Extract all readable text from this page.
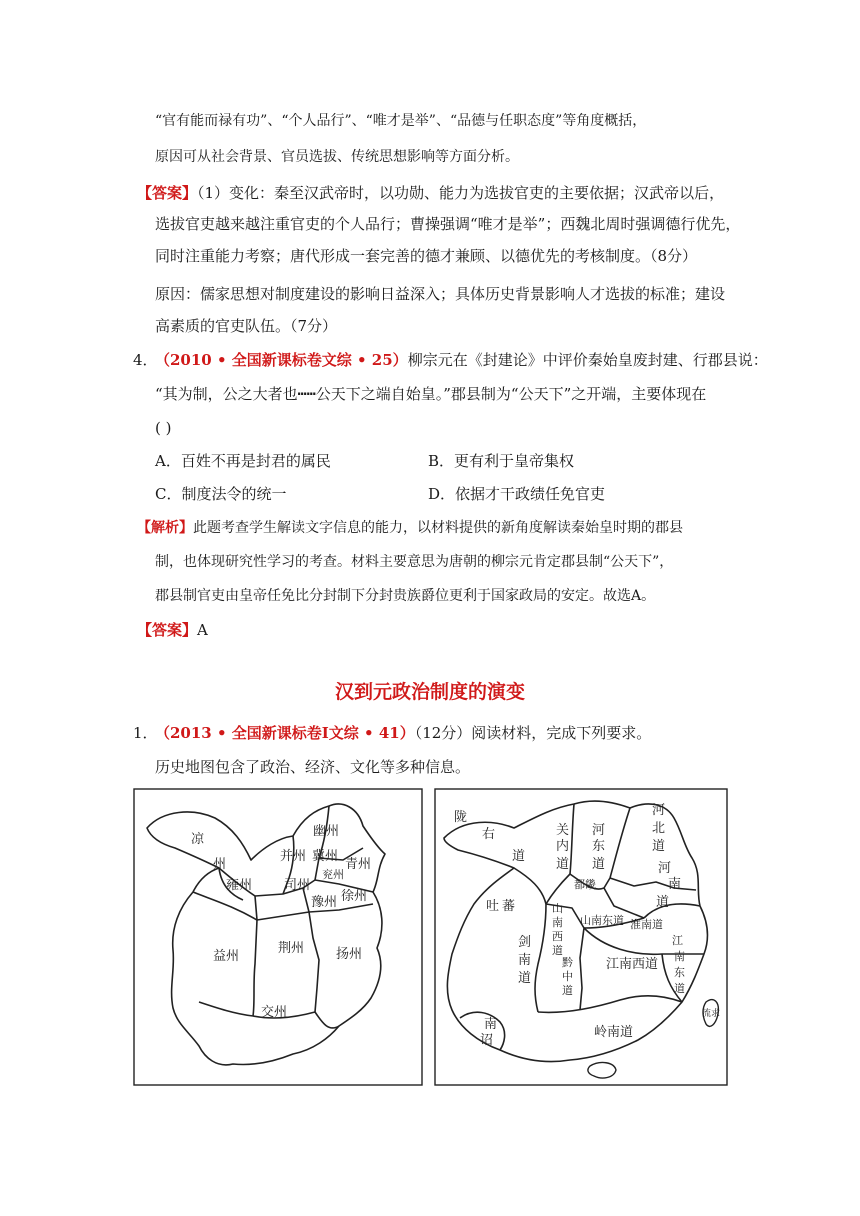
“官有能而禄有功”、“个人品行”、“唯才是举”、“品德与任职态度”等角度概括，
原因可从社会背景、官员选拔、传统思想影响等方面分析。
【答案】（1）变化：秦至汉武帝时，以功勋、能力为选拔官吏的主要依据；汉武帝以后，
选拔官吏越来越注重官吏的个人品行；曹操强调“唯才是举”；西魏北周时强调德行优先，
同时注重能力考察；唐代形成一套完善的德才兼顾、以德优先的考核制度。（8分）
原因：儒家思想对制度建设的影响日益深入；具体历史背景影响人才选拔的标准；建设
高素质的官吏队伍。（7分）
4．
（2010 • 全国新课标卷文综 • 25）柳宗元在《封建论》中评价秦始皇废封建、行郡县说：
“其为制，公之大者也┅┅公天下之端自始皇。”郡县制为“公天下”之开端，主要体现在
( )
A．百姓不再是封君的属民	B．更有利于皇帝集权
C．制度法令的统一	D．依据才干政绩任免官吏
【解析】此题考查学生解读文字信息的能力，以材料提供的新角度解读秦始皇时期的郡县
制，也体现研究性学习的考查。材料主要意思为唐朝的柳宗元肯定郡县制“公天下”，
郡县制官吏由皇帝任免比分封制下分封贵族爵位更利于国家政局的安定。故选A。
【答案】A
汉到元政治制度的演变
1．
（2013 • 全国新课标卷Ⅰ文综 • 41）（12分）阅读材料，完成下列要求。
历史地图包含了政治、经济、文化等多种信息。
凉
州
幽州
并州 冀州
青州
雍州 司州
兖州
豫州 徐州
益州
荆州 扬州
交州
陇
右
道
关
内
道
河
东
道
河
北
道
河
南
道
都畿
山
南
西
道
山南东道 淮南道
吐 蕃
剑
南
道
黔
中
道
江南西道
江
南
东
道
南
诏
岭南道
流求
